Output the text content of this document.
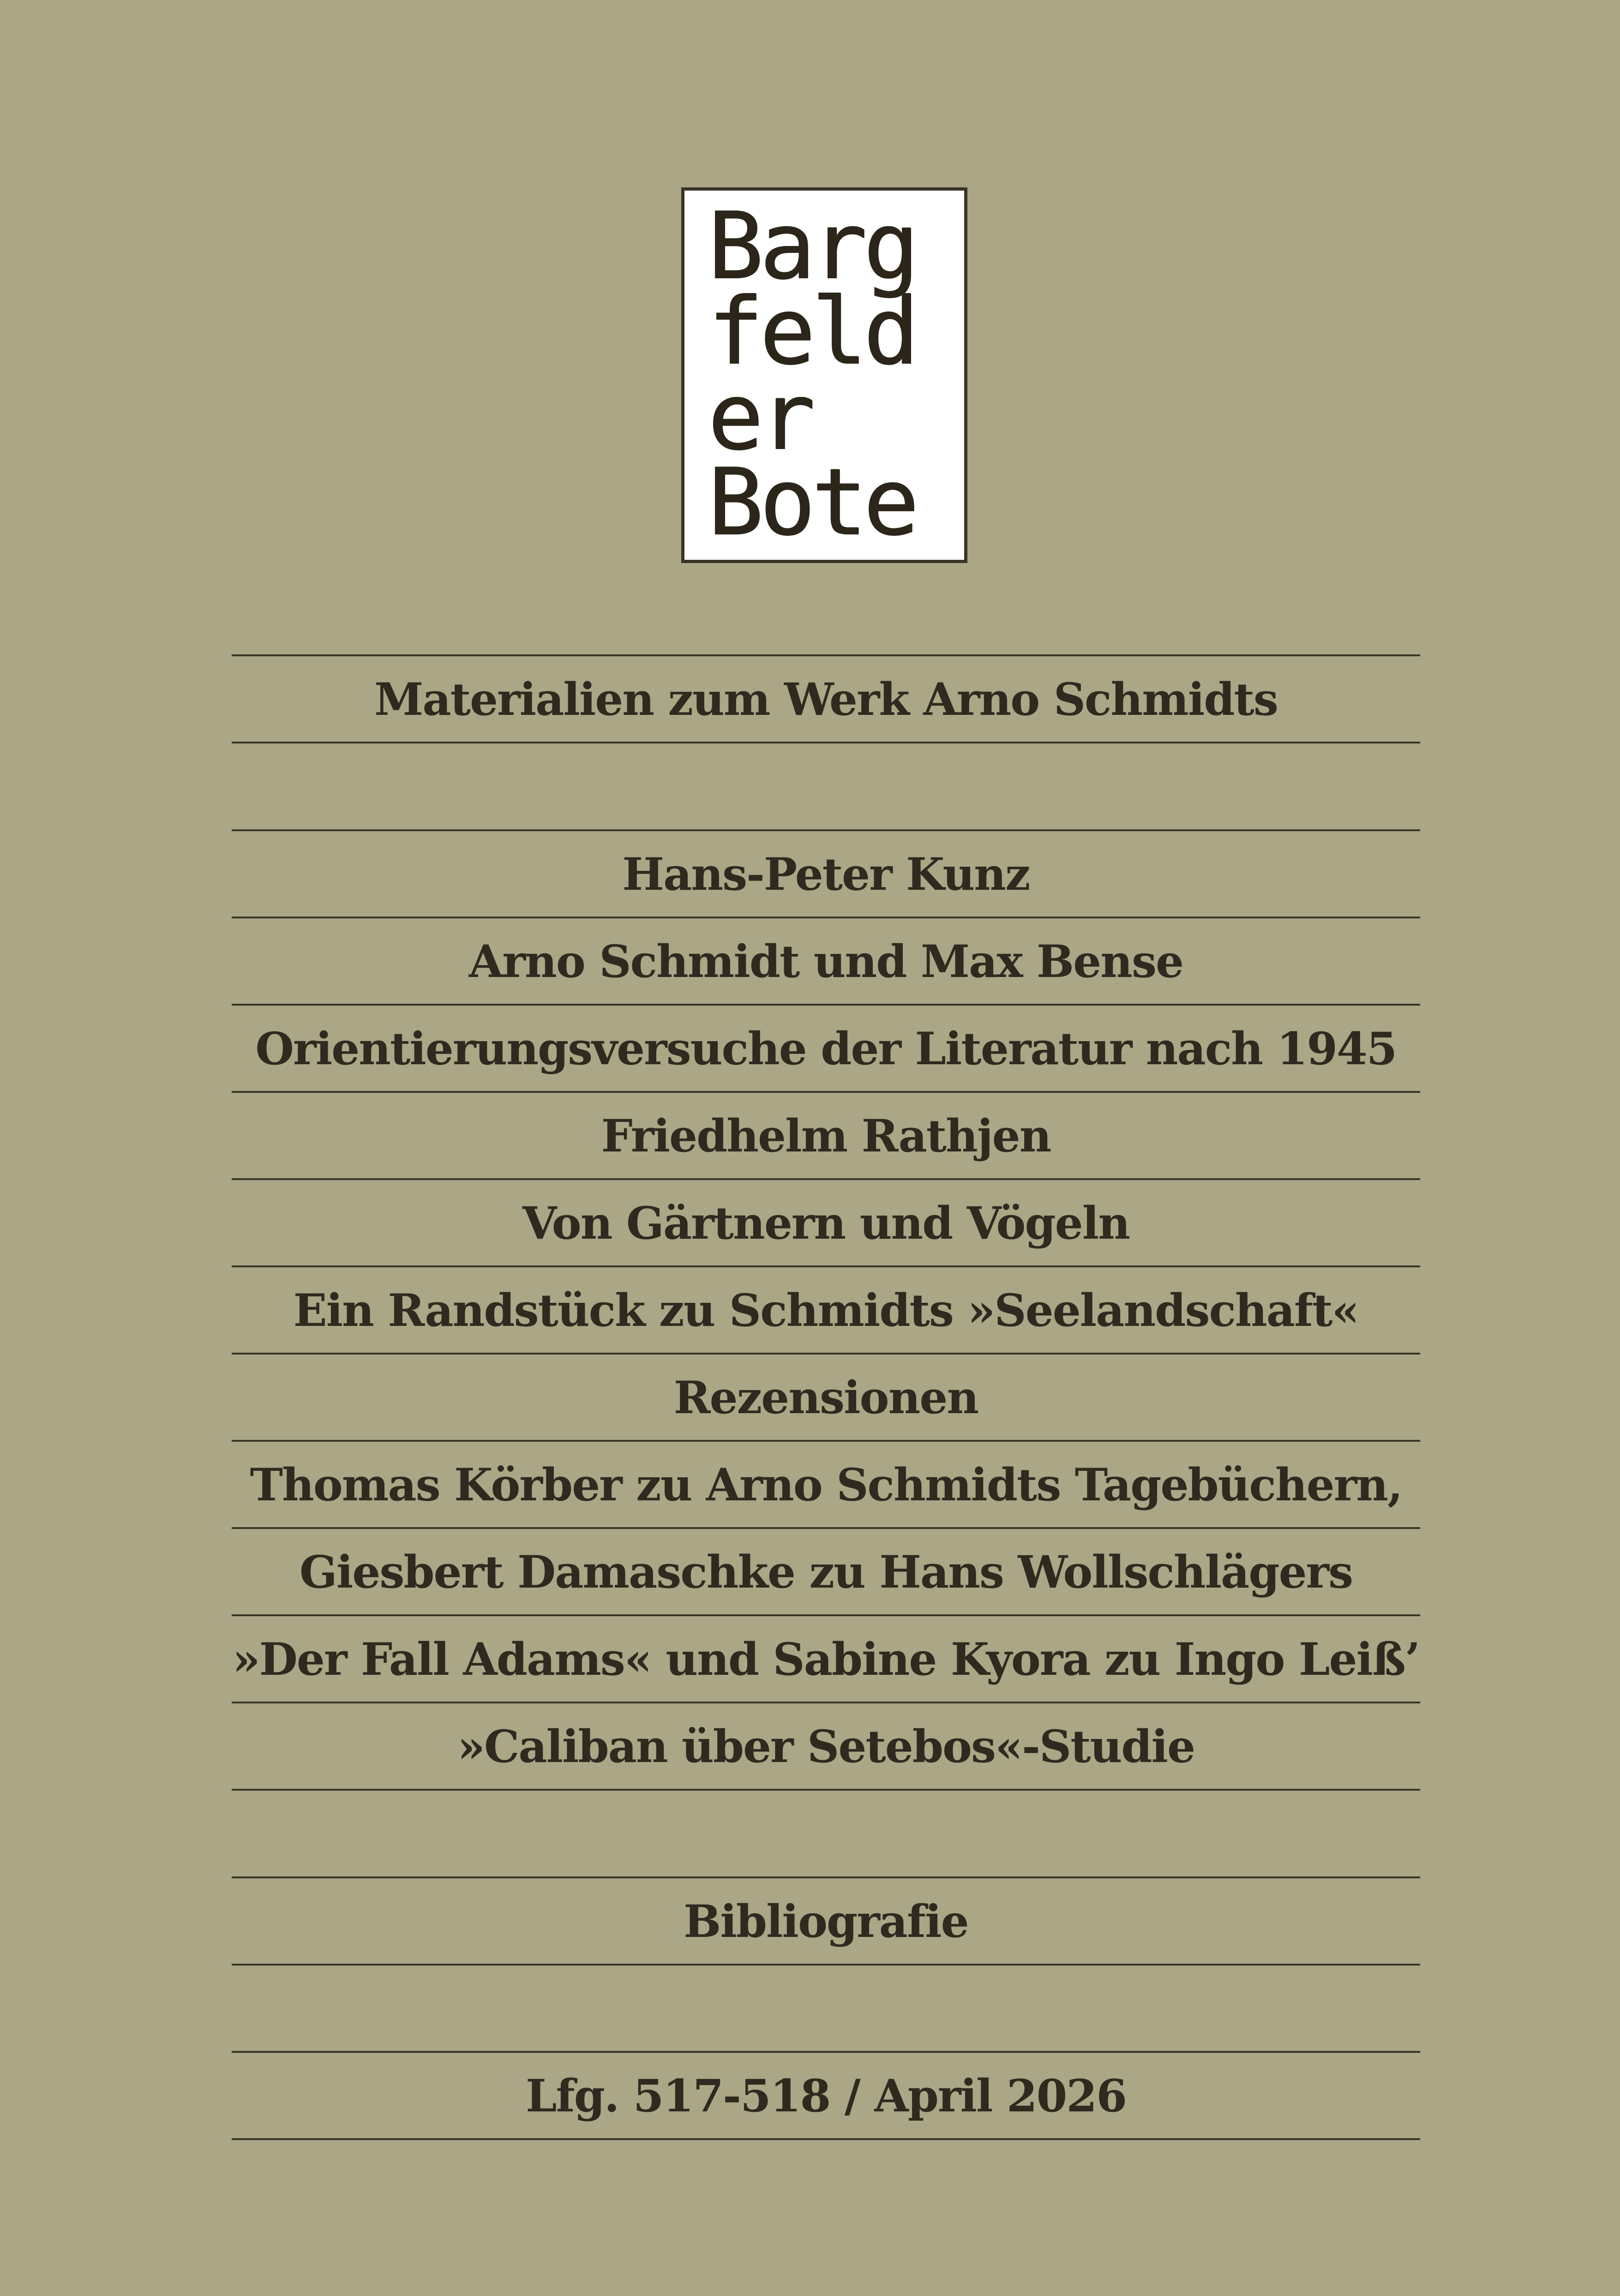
Barg
feld
er
Bote
Materialien zum Werk Arno Schmidts
Hans-Peter Kunz
Arno Schmidt und Max Bense
Orientierungsversuche der Literatur nach 1945
Friedhelm Rathjen
Von Gärtnern und Vögeln
Ein Randstück zu Schmidts »Seelandschaft«
Rezensionen
Thomas Körber zu Arno Schmidts Tagebüchern,
Giesbert Damaschke zu Hans Wollschlägers
»Der Fall Adams« und Sabine Kyora zu Ingo Leiß’
»Caliban über Setebos«-Studie
Bibliografie
Lfg. 517-518 / April 2026
